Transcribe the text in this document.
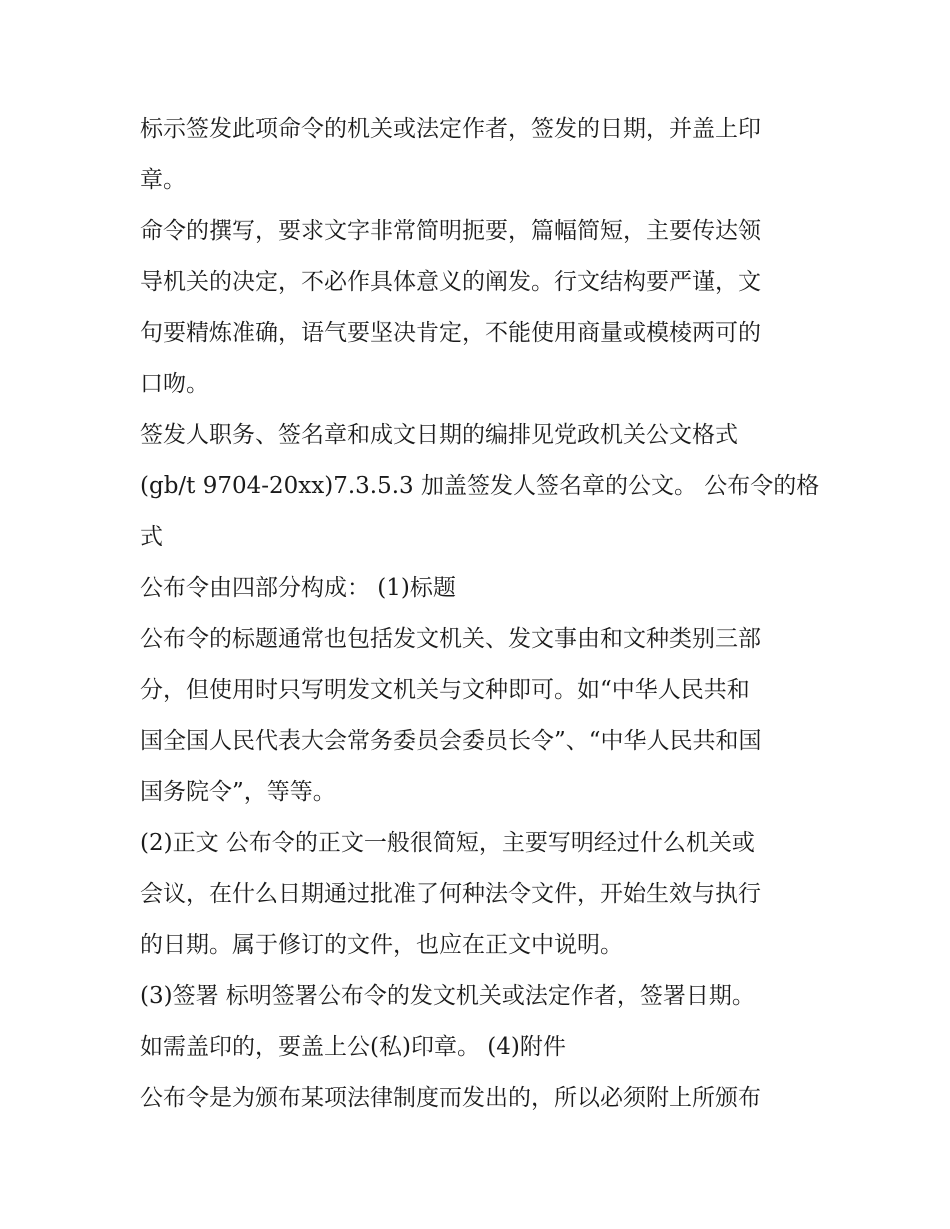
标示签发此项命令的机关或法定作者，签发的日期，并盖上印
章。

命令的撰写，要求文字非常简明扼要，篇幅简短，主要传达领
导机关的决定，不必作具体意义的阐发。行文结构要严谨，文
句要精炼准确，语气要坚决肯定，不能使用商量或模棱两可的
口吻。

签发人职务、签名章和成文日期的编排见党政机关公文格式
(gb/t 9704-20xx)7.3.5.3 加盖签发人签名章的公文。 公布令的格
式

公布令由四部分构成： (1)标题

公布令的标题通常也包括发文机关、发文事由和文种类别三部
分，但使用时只写明发文机关与文种即可。如“中华人民共和
国全国人民代表大会常务委员会委员长令”、“中华人民共和国
国务院令”，等等。

(2)正文 公布令的正文一般很简短，主要写明经过什么机关或
会议，在什么日期通过批准了何种法令文件，开始生效与执行
的日期。属于修订的文件，也应在正文中说明。

(3)签署 标明签署公布令的发文机关或法定作者，签署日期。
如需盖印的，要盖上公(私)印章。 (4)附件

公布令是为颁布某项法律制度而发出的，所以必须附上所颁布
